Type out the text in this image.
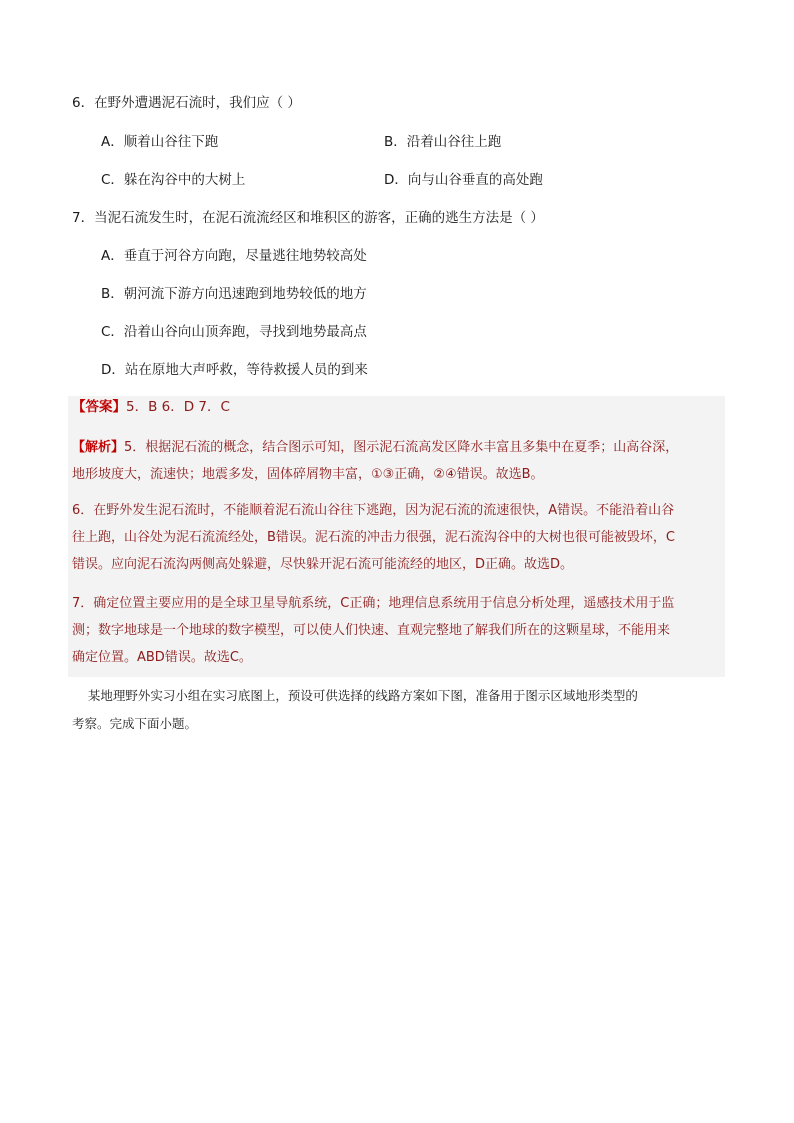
6．在野外遭遇泥石流时，我们应（ ）
A．顺着山谷往下跑	B．沿着山谷往上跑
C．躲在沟谷中的大树上	D．向与山谷垂直的高处跑
7．当泥石流发生时，在泥石流流经区和堆积区的游客，正确的逃生方法是（ ）
A．垂直于河谷方向跑，尽量逃往地势较高处
B．朝河流下游方向迅速跑到地势较低的地方
C．沿着山谷向山顶奔跑，寻找到地势最高点
D．站在原地大声呼救，等待救援人员的到来
【答案】5．B 6．D 7．C
【解析】5．根据泥石流的概念，结合图示可知，图示泥石流高发区降水丰富且多集中在夏季；山高谷深，
地形坡度大，流速快；地震多发，固体碎屑物丰富，①③正确，②④错误。故选B。
6．在野外发生泥石流时，不能顺着泥石流山谷往下逃跑，因为泥石流的流速很快，A错误。不能沿着山谷
往上跑，山谷处为泥石流流经处，B错误。泥石流的冲击力很强，泥石流沟谷中的大树也很可能被毁坏，C
错误。应向泥石流沟两侧高处躲避，尽快躲开泥石流可能流经的地区，D正确。故选D。
7．确定位置主要应用的是全球卫星导航系统，C正确；地理信息系统用于信息分析处理，遥感技术用于监
测；数字地球是一个地球的数字模型，可以使人们快速、直观完整地了解我们所在的这颗星球，不能用来
确定位置。ABD错误。故选C。
某地理野外实习小组在实习底图上，预设可供选择的线路方案如下图，准备用于图示区域地形类型的
考察。完成下面小题。
